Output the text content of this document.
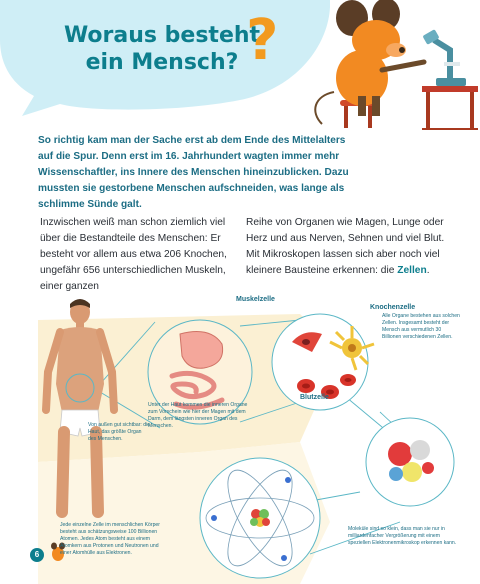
Woraus besteht
ein Mensch? ?
So richtig kam man der Sache erst ab dem Ende des Mittelalters auf die Spur. Denn erst im 16. Jahrhundert wagten immer mehr Wissenschaftler, ins Innere des Menschen hineinzublicken. Dazu mussten sie gestorbene Menschen aufschneiden, was lange als schlimme Sünde galt.
Inzwischen weiß man schon ziemlich viel über die Bestandteile des Menschen: Er besteht vor allem aus etwa 206 Knochen, ungefähr 656 unterschiedlichen Muskeln, einer ganzen
Reihe von Organen wie Magen, Lunge oder Herz und aus Nerven, Sehnen und viel Blut. Mit Mikroskopen lassen sich aber noch viel kleinere Bausteine erkennen: die Zellen.
Muskelzelle
Knochenzelle
Blutzelle
Alle Organe bestehen aus solchen Zellen. Insgesamt besteht der Mensch aus vermutlich 30 Billionen verschiedenen Zellen.
Unter der Haut kommen die inneren Organe zum Vorschein wie hier der Magen mit dem Darm, dem längsten inneren Organ des Menschen.
Von außen gut sichtbar: die Haut, das größte Organ des Menschen.
Jede einzelne Zelle im menschlichen Körper besteht aus schätzungsweise 100 Billionen Atomen. Jedes Atom besteht aus einem Atomkern aus Protonen und Neutronen und einer Atomhülle aus Elektronen.
Moleküle sind so klein, dass man sie nur in milliardenfacher Vergrößerung mit einem speziellen Elektronenmikroskop erkennen kann.
6
